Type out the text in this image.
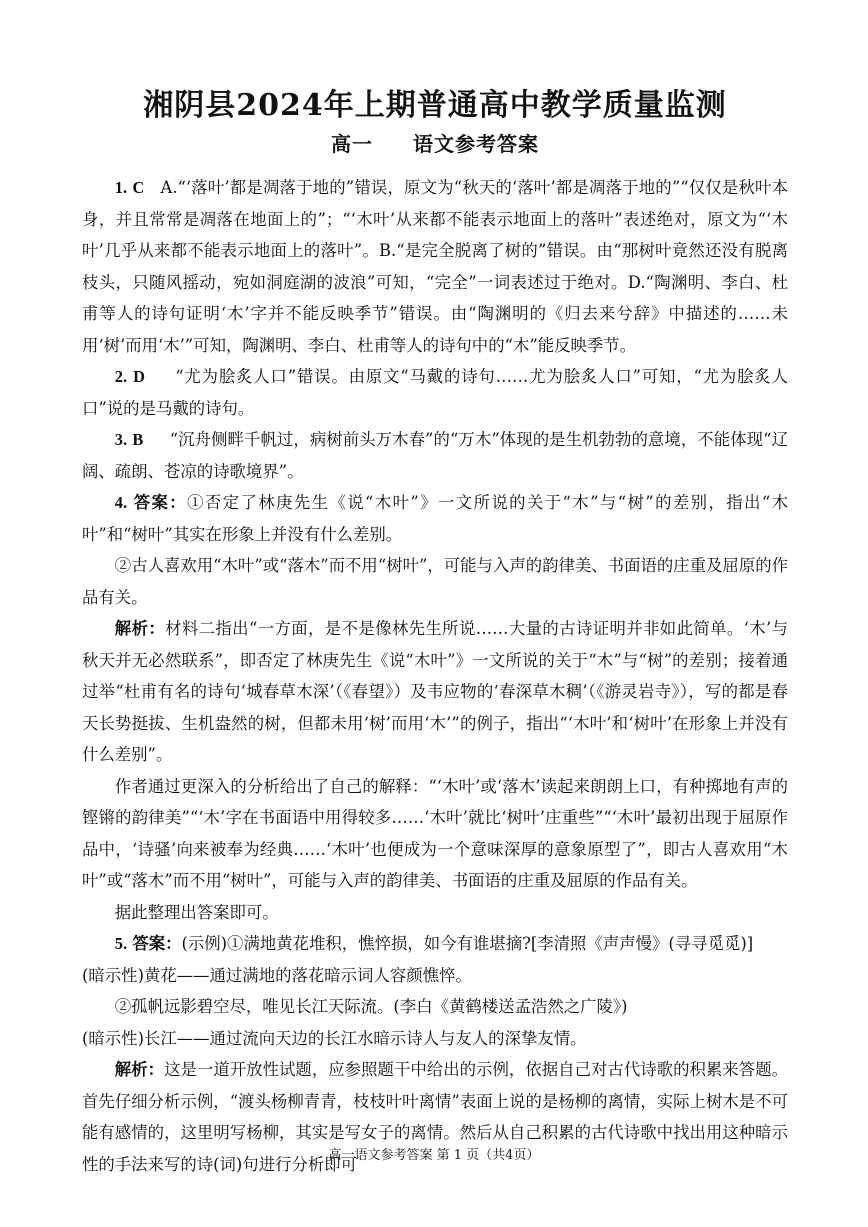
湘阴县2024年上期普通高中教学质量监测
高一 语文参考答案

1. C A.“‘落叶’都是凋落于地的”错误，原文为“秋天的‘落叶’都是凋落于地的”“仅仅是秋叶本身，并且常常是凋落在地面上的”；“‘木叶’从来都不能表示地面上的落叶”表述绝对，原文为“‘木叶’几乎从来都不能表示地面上的落叶”。B.“是完全脱离了树的”错误。由“那树叶竟然还没有脱离枝头，只随风摇动，宛如洞庭湖的波浪”可知，“完全”一词表述过于绝对。D.“陶渊明、李白、杜甫等人的诗句证明‘木’字并不能反映季节”错误。由“陶渊明的《归去来兮辞》中描述的……未用‘树’而用‘木’”可知，陶渊明、李白、杜甫等人的诗句中的“木”能反映季节。

2. D “尤为脍炙人口”错误。由原文“马戴的诗句……尤为脍炙人口”可知，“尤为脍炙人口”说的是马戴的诗句。

3. B “沉舟侧畔千帆过，病树前头万木春”的“万木”体现的是生机勃勃的意境，不能体现“辽阔、疏朗、苍凉的诗歌境界”。

4. 答案：①否定了林庚先生《说“木叶”》一文所说的关于“木”与“树”的差别，指出“木叶”和“树叶”其实在形象上并没有什么差别。

②古人喜欢用“木叶”或“落木”而不用“树叶”，可能与入声的韵律美、书面语的庄重及屈原的作品有关。

解析：材料二指出“一方面，是不是像林先生所说……大量的古诗证明并非如此简单。‘木’与秋天并无必然联系”，即否定了林庚先生《说“木叶”》一文所说的关于“木”与“树”的差别；接着通过举“杜甫有名的诗句‘城春草木深’（《春望》）及韦应物的‘春深草木稠’（《游灵岩寺》），写的都是春天长势挺拔、生机盎然的树，但都未用‘树’而用‘木’”的例子，指出“‘木叶’和‘树叶’在形象上并没有什么差别”。

作者通过更深入的分析给出了自己的解释：“‘木叶’或‘落木’读起来朗朗上口，有种掷地有声的铿锵的韵律美”“‘木’字在书面语中用得较多……‘木叶’就比‘树叶’庄重些”“‘木叶’最初出现于屈原作品中，‘诗骚’向来被奉为经典……‘木叶’也便成为一个意味深厚的意象原型了”，即古人喜欢用“木叶”或“落木”而不用“树叶”，可能与入声的韵律美、书面语的庄重及屈原的作品有关。

据此整理出答案即可。

5. 答案：(示例)①满地黄花堆积，憔悴损，如今有谁堪摘?[李清照《声声慢》(寻寻觅觅)]

(暗示性)黄花——通过满地的落花暗示词人容颜憔悴。

②孤帆远影碧空尽，唯见长江天际流。(李白《黄鹤楼送孟浩然之广陵》)

(暗示性)长江——通过流向天边的长江水暗示诗人与友人的深挚友情。

解析：这是一道开放性试题，应参照题干中给出的示例，依据自己对古代诗歌的积累来答题。首先仔细分析示例，“渡头杨柳青青，枝枝叶叶离情”表面上说的是杨柳的离情，实际上树木是不可能有感情的，这里明写杨柳，其实是写女子的离情。然后从自己积累的古代诗歌中找出用这种暗示性的手法来写的诗(词)句进行分析即可

高一语文参考答案 第 1 页（共4页）
